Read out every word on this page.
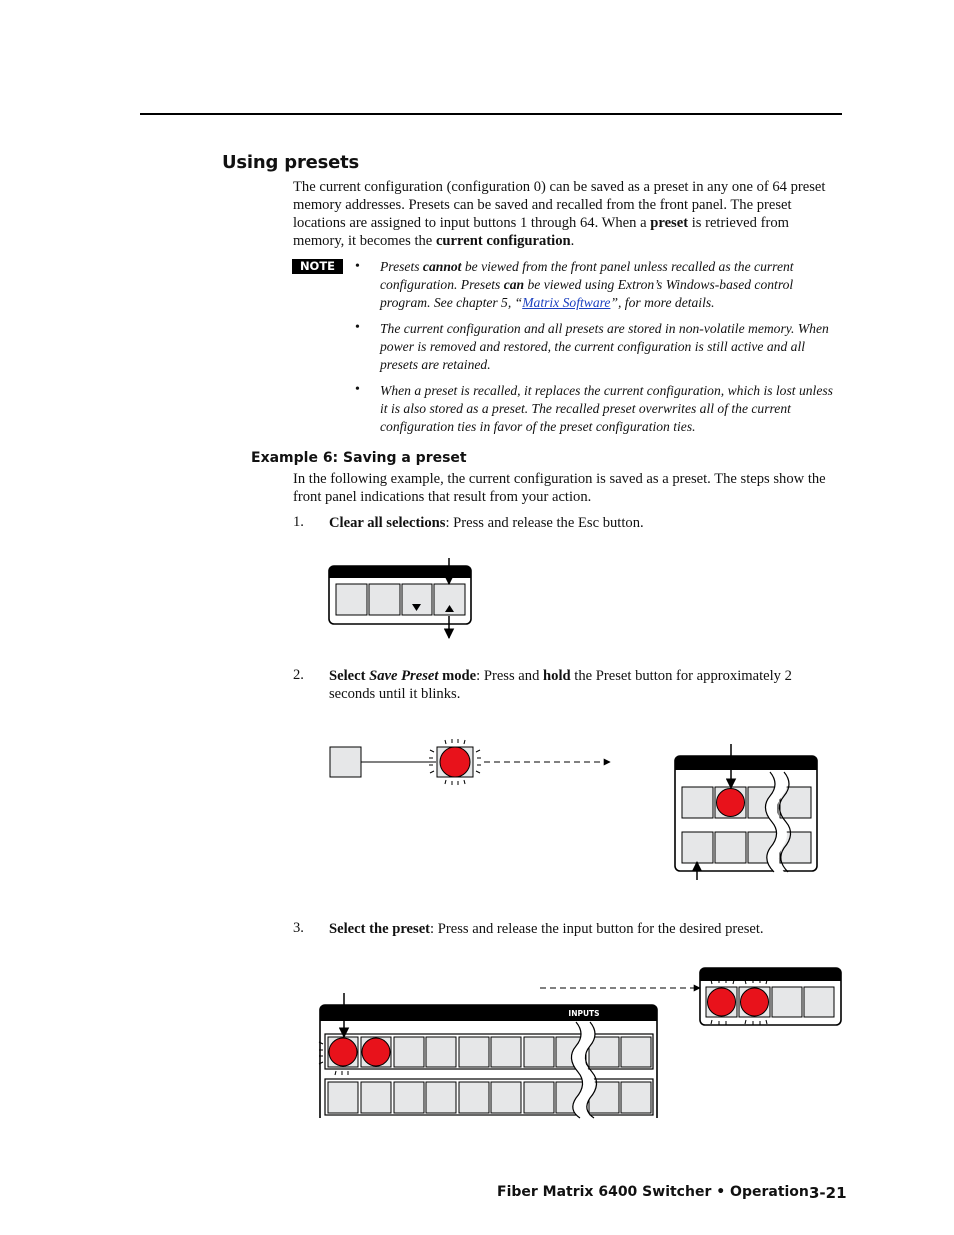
Using presets
The current configuration (configuration 0) can be saved as a preset in any one of 64 preset memory addresses. Presets can be saved and recalled from the front panel. The preset locations are assigned to input buttons 1 through 64. When a preset is retrieved from memory, it becomes the current configuration.
NOTE	• Presets cannot be viewed from the front panel unless recalled as the current configuration. Presets can be viewed using Extron’s Windows-based control program. See chapter 5, “Matrix Software”, for more details.
• The current configuration and all presets are stored in non-volatile memory. When power is removed and restored, the current configuration is still active and all presets are retained.
• When a preset is recalled, it replaces the current configuration, which is lost unless it is also stored as a preset. The recalled preset overwrites all of the current configuration ties in favor of the preset configuration ties.
Example 6: Saving a preset
In the following example, the current configuration is saved as a preset. The steps show the front panel indications that result from your action.
1. Clear all selections: Press and release the Esc button.
2. Select Save Preset mode: Press and hold the Preset button for approximately 2 seconds until it blinks.
3. Select the preset: Press and release the input button for the desired preset.
INPUTS
Fiber Matrix 6400 Switcher • Operation 3-21
